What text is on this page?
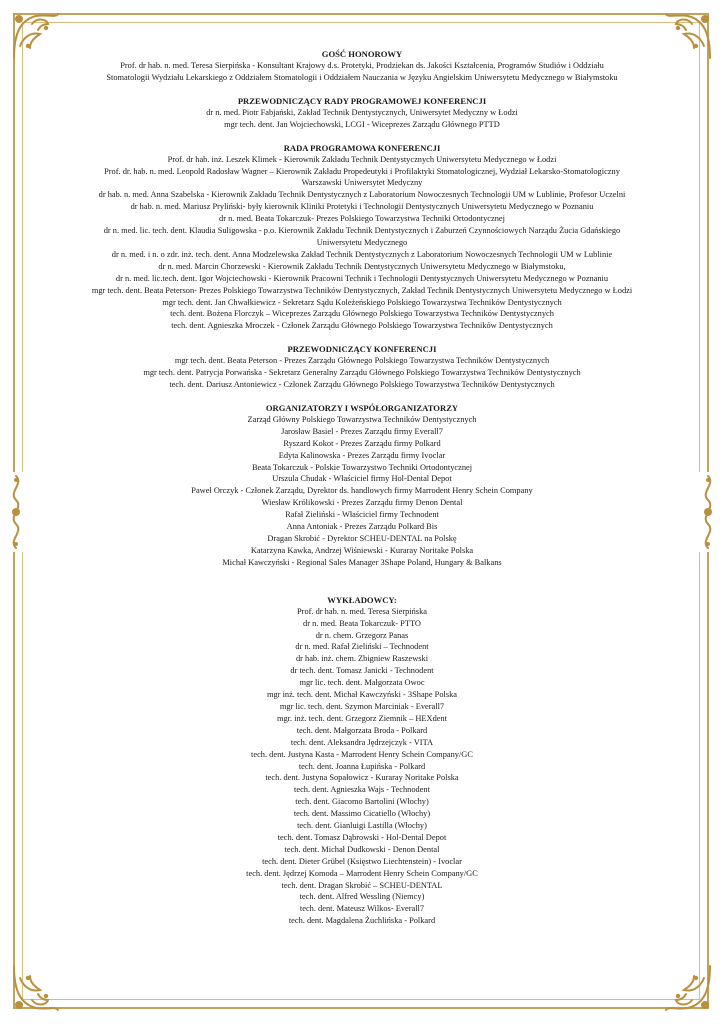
GOŚĆ HONOROWY
Prof. dr hab. n. med. Teresa Sierpińska - Konsultant Krajowy d.s. Protetyki, Prodziekan ds. Jakości Kształcenia, Programów Studiów i Oddziału
Stomatologii Wydziału Lekarskiego z Oddziałem Stomatologii i Oddziałem Nauczania w Języku Angielskim Uniwersytetu Medycznego w Białymstoku
PRZEWODNICZĄCY RADY PROGRAMOWEJ KONFERENCJI
dr n. med. Piotr Fabjański, Zakład Technik Dentystycznych, Uniwersytet Medyczny w Łodzi
mgr tech. dent. Jan Wojciechowski, LCGI - Wiceprezes Zarządu Głównego PTTD
RADA PROGRAMOWA KONFERENCJI
Prof. dr hab. inż. Leszek Klimek - Kierownik Zakładu Technik Dentystycznych Uniwersytetu Medycznego w Łodzi
Prof. dr. hab. n. med. Leopold Radosław Wagner – Kierownik Zakładu Propedeutyki i Profilaktyki Stomatologicznej, Wydział Lekarsko-Stomatologiczny
Warszawski Uniwersytet Medyczny
dr hab. n. med. Anna Szabelska - Kierownik Zakładu Technik Dentystycznych z Laboratorium Nowoczesnych Technologii UM w Lublinie, Profesor Uczelni
dr hab. n. med. Mariusz Pryliński- były kierownik Kliniki Protetyki i Technologii Dentystycznych Uniwersytetu Medycznego w Poznaniu
dr n. med. Beata Tokarczuk- Prezes Polskiego Towarzystwa Techniki Ortodontycznej
dr n. med. lic. tech. dent. Klaudia Suligowska - p.o. Kierownik Zakładu Technik Dentystycznych i Zaburzeń Czynnościowych Narządu Żucia Gdańskiego
Uniwersytetu Medycznego
dr n. med. i n. o zdr. inż. tech. dent. Anna Modzelewska Zakład Technik Dentystycznych z Laboratorium Nowoczesnych Technologii UM w Lublinie
dr n. med. Marcin Chorzewski - Kierownik Zakładu Technik Dentystycznych Uniwersytetu Medycznego w Białymstoku,
dr n. med. lic.tech. dent. Igor Wojciechowski - Kierownik Pracowni Technik i Technologii Dentystycznych Uniwersytetu Medycznego w Poznaniu
mgr tech. dent. Beata Peterson- Prezes Polskiego Towarzystwa Techników Dentystycznych, Zakład Technik Dentystycznych Uniwersytetu Medycznego w Łodzi
mgr tech. dent. Jan Chwałkiewicz - Sekretarz Sądu Koleżeńskiego Polskiego Towarzystwa Techników Dentystycznych
tech. dent. Bożena Florczyk – Wiceprezes Zarządu Głównego Polskiego Towarzystwa Techników Dentystycznych
tech. dent. Agnieszka Mroczek - Członek Zarządu Głównego Polskiego Towarzystwa Techników Dentystycznych
PRZEWODNICZĄCY KONFERENCJI
mgr tech. dent. Beata Peterson - Prezes Zarządu Głównego Polskiego Towarzystwa Techników Dentystycznych
mgr tech. dent. Patrycja Porwańska - Sekretarz Generalny Zarządu Głównego Polskiego Towarzystwa Techników Dentystycznych
tech. dent. Dariusz Antoniewicz - Członek Zarządu Głównego Polskiego Towarzystwa Techników Dentystycznych
ORGANIZATORZY I WSPÓŁORGANIZATORZY
Zarząd Główny Polskiego Towarzystwa Techników Dentystycznych
Jarosław Basiel - Prezes Zarządu firmy Everall7
Ryszard Kokot - Prezes Zarządu firmy Polkard
Edyta Kalinowska - Prezes Zarządu firmy Ivoclar
Beata Tokarczuk - Polskie Towarzystwo Techniki Ortodontycznej
Urszula Chudak - Właściciel firmy Hol-Dental Depot
Paweł Orczyk - Członek Zarządu, Dyrektor ds. handlowych firmy Marrodent Henry Schein Company
Wiesław Królikowski - Prezes Zarządu firmy Denon Dental
Rafał Zieliński - Właściciel firmy Technodent
Anna Antoniak - Prezes Zarządu Polkard Bis
Dragan Skrobić - Dyrektor SCHEU-DENTAL na Polskę
Katarzyna Kawka, Andrzej Wiśniewski - Kuraray Noritake Polska
Michał Kawczyński - Regional Sales Manager 3Shape Poland, Hungary & Balkans
WYKŁADOWCY:
Prof. dr hab. n. med. Teresa Sierpińska
dr n. med. Beata Tokarczuk- PTTO
dr n. chem. Grzegorz Panas
dr n. med. Rafał Zieliński – Technodent
dr hab. inż. chem. Zbigniew Raszewski
dr tech. dent. Tomasz Janicki - Technodent
mgr lic. tech. dent. Małgorzata Owoc
mgr inż. tech. dent. Michał Kawczyński - 3Shape Polska
mgr lic. tech. dent. Szymon Marciniak - Everall7
mgr. inż. tech. dent. Grzegorz Ziemnik – HEXdent
tech. dent. Małgorzata Broda - Polkard
tech. dent. Aleksandra Jędrzejczyk - VITA
tech. dent. Justyna Kasta - Marrodent Henry Schein Company/GC
tech. dent. Joanna Łupińska - Polkard
tech. dent. Justyna Sopałowicz - Kuraray Noritake Polska
tech. dent. Agnieszka Wajs - Technodent
tech. dent. Giacomo Bartolini (Włochy)
tech. dent. Massimo Cicatiello (Włochy)
tech. dent. Gianluigi Lastilla (Włochy)
tech. dent. Tomasz Dąbrowski - Hol-Dental Depot
tech. dent. Michał Dudkowski - Denon Dental
tech. dent. Dieter Grübel (Księstwo Liechtenstein) - Ivoclar
tech. dent. Jędrzej Komoda – Marrodent Henry Schein Company/GC
tech. dent. Dragan Skrobić – SCHEU-DENTAL
tech. dent. Alfred Wessling (Niemcy)
tech. dent. Mateusz Wilkos- Everall7
tech. dent. Magdalena Żuchlińska - Polkard
